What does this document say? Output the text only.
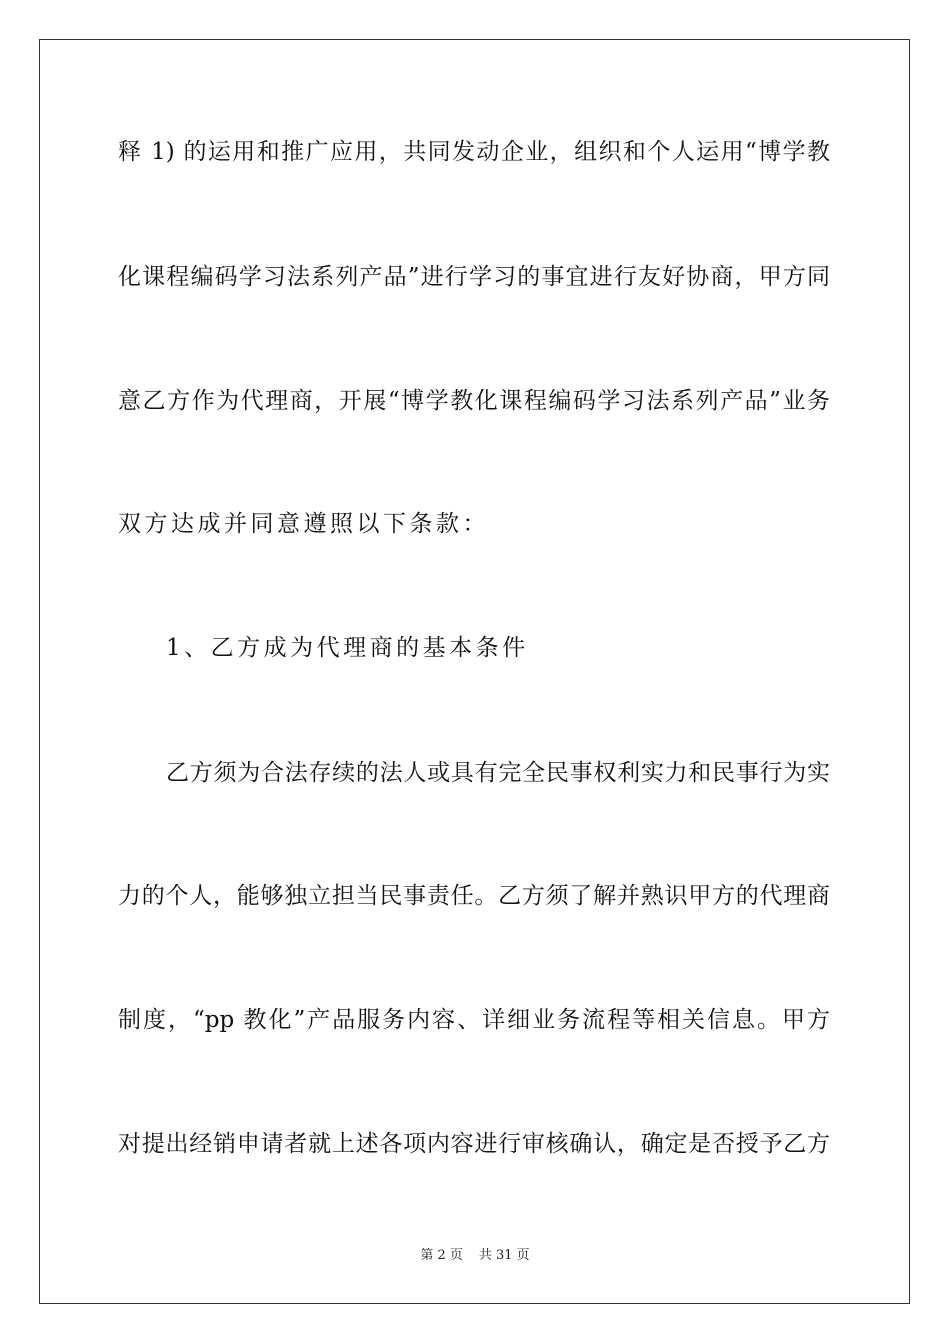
释 1) 的运用和推广应用，共同发动企业，组织和个人运用“博学教
化课程编码学习法系列产品”进行学习的事宜进行友好协商，甲方同
意乙方作为代理商，开展“博学教化课程编码学习法系列产品”业务
双方达成并同意遵照以下条款：
1、乙方成为代理商的基本条件
乙方须为合法存续的法人或具有完全民事权利实力和民事行为实
力的个人，能够独立担当民事责任。乙方须了解并熟识甲方的代理商
制度，“pp 教化”产品服务内容、详细业务流程等相关信息。甲方
对提出经销申请者就上述各项内容进行审核确认，确定是否授予乙方
第 2 页 共 31 页
